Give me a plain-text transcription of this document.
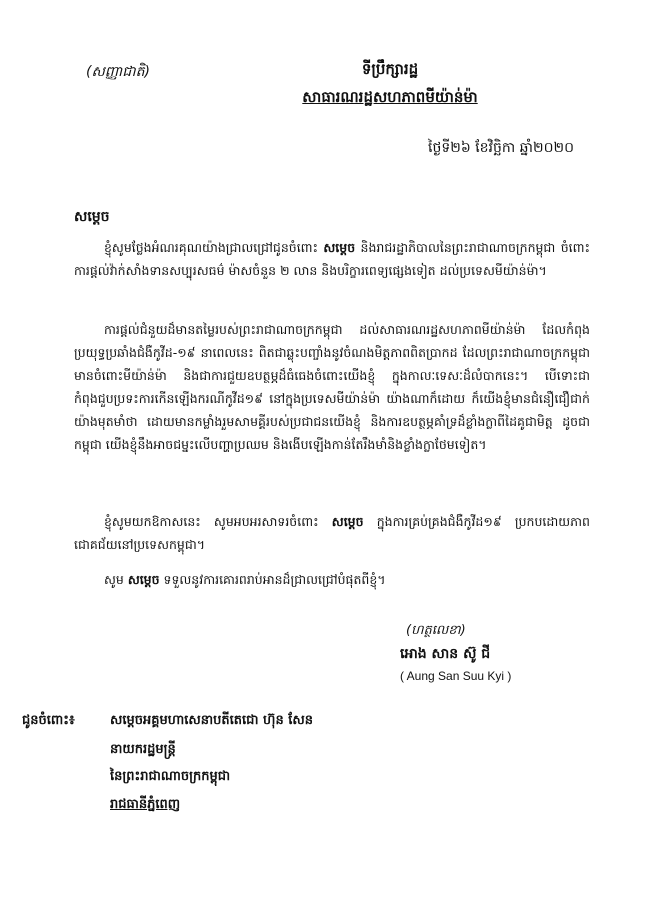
(សញ្ញាជាតិ)	ទីប្រឹក្សារដ្ឋ
សាធារណរដ្ឋសហភាពមីយ៉ាន់ម៉ា
ថ្ងៃទី២៦ ខែវិច្ឆិកា ឆ្នាំ២០២០
សម្ដេច
ខ្ញុំសូមថ្លែងអំណរគុណយ៉ាងជ្រាលជ្រៅជូនចំពោះ សម្ដេច និងរាជរដ្ឋាភិបាលនៃព្រះរាជាណាចក្រកម្ពុជា ចំពោះការផ្ដល់វ៉ាក់សាំងទានសប្បុរសធម៌ ម៉ាសចំនួន ២ លាន និងបរិក្ខារពេទ្យផ្សេងទៀត ដល់ប្រទេសមីយ៉ាន់ម៉ា។
ការផ្ដល់ជំនួយដ៏មានតម្លៃរបស់ព្រះរាជាណាចក្រកម្ពុជា ដល់សាធារណរដ្ឋសហភាពមីយ៉ាន់ម៉ា ដែលកំពុងប្រយុទ្ធប្រឆាំងជំងឺកូវីដ-១៩ នាពេលនេះ ពិតជាឆ្លុះបញ្ចាំងនូវចំណងមិត្តភាពពិតប្រាកដ ដែលព្រះរាជាណាចក្រកម្ពុជាមានចំពោះមីយ៉ាន់ម៉ា និងជាការជួយឧបត្ថម្ភដ៏ធំធេងចំពោះយើងខ្ញុំ ក្នុងកាលៈទេសៈដ៏លំបាកនេះ។ បើទោះជាកំពុងជួបប្រទះការកើនឡើងករណីកូវីដ១៩ នៅក្នុងប្រទេសមីយ៉ាន់ម៉ា យ៉ាងណាក៏ដោយ ក៏យើងខ្ញុំមានជំនឿជឿជាក់យ៉ាងមុតមាំថា ដោយមានកម្លាំងរួមសាមគ្គីរបស់ប្រជាជនយើងខ្ញុំ និងការឧបត្ថម្ភគាំទ្រដ៏ខ្លាំងក្លាពីដៃគូជាមិត្ត ដូចជា កម្ពុជា យើងខ្ញុំនឹងអាចជម្នះលើបញ្ហាប្រឈម និងងើបឡើងកាន់តែរឹងមាំនិងខ្លាំងក្លាថែមទៀត។
ខ្ញុំសូមយកឱកាសនេះ សូមអបអរសាទរចំពោះ សម្ដេច ក្នុងការគ្រប់គ្រងជំងឺកូវីដ១៩ ប្រកបដោយភាពជោគជ័យនៅប្រទេសកម្ពុជា។
សូម សម្ដេច ទទួលនូវការគោរពរាប់អានដ៏ជ្រាលជ្រៅបំផុតពីខ្ញុំ។
(ហត្ថលេខា)
អោង សាន ស៊ូ ជី
( Aung San Suu Kyi )
ជូនចំពោះ៖	សម្ដេចអគ្គមហាសេនាបតីតេជោ ហ៊ុន សែន
នាយករដ្ឋមន្ត្រី
នៃព្រះរាជាណាចក្រកម្ពុជា
រាជធានីភ្នំពេញ
